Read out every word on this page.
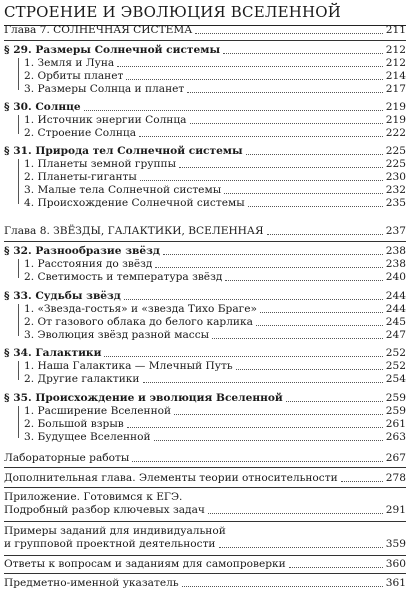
СТРОЕНИЕ И ЭВОЛЮЦИЯ ВСЕЛЕННОЙ
Глава 7. СОЛНЕЧНАЯ СИСТЕМА	211
§ 29. Размеры Солнечной системы	212
1. Земля и Луна	212
2. Орбиты планет	214
3. Размеры Солнца и планет	217
§ 30. Солнце	219
1. Источник энергии Солнца	219
2. Строение Солнца	222
§ 31. Природа тел Солнечной системы	225
1. Планеты земной группы	225
2. Планеты-гиганты	230
3. Малые тела Солнечной системы	232
4. Происхождение Солнечной системы	235
Глава 8. ЗВЁЗДЫ, ГАЛАКТИКИ, ВСЕЛЕННАЯ	237
§ 32. Разнообразие звёзд	238
1. Расстояния до звёзд	238
2. Светимость и температура звёзд	240
§ 33. Судьбы звёзд	244
1. «Звезда-гостья» и «звезда Тихо Браге»	244
2. От газового облака до белого карлика	245
3. Эволюция звёзд разной массы	247
§ 34. Галактики	252
1. Наша Галактика — Млечный Путь	252
2. Другие галактики	254
§ 35. Происхождение и эволюция Вселенной	259
1. Расширение Вселенной	259
2. Большой взрыв	261
3. Будущее Вселенной	263
Лабораторные работы	267
Дополнительная глава. Элементы теории относительности	278
Приложение. Готовимся к ЕГЭ.
Подробный разбор ключевых задач	291
Примеры заданий для индивидуальной
и групповой проектной деятельности	359
Ответы к вопросам и заданиям для самопроверки	360
Предметно-именной указатель	361
